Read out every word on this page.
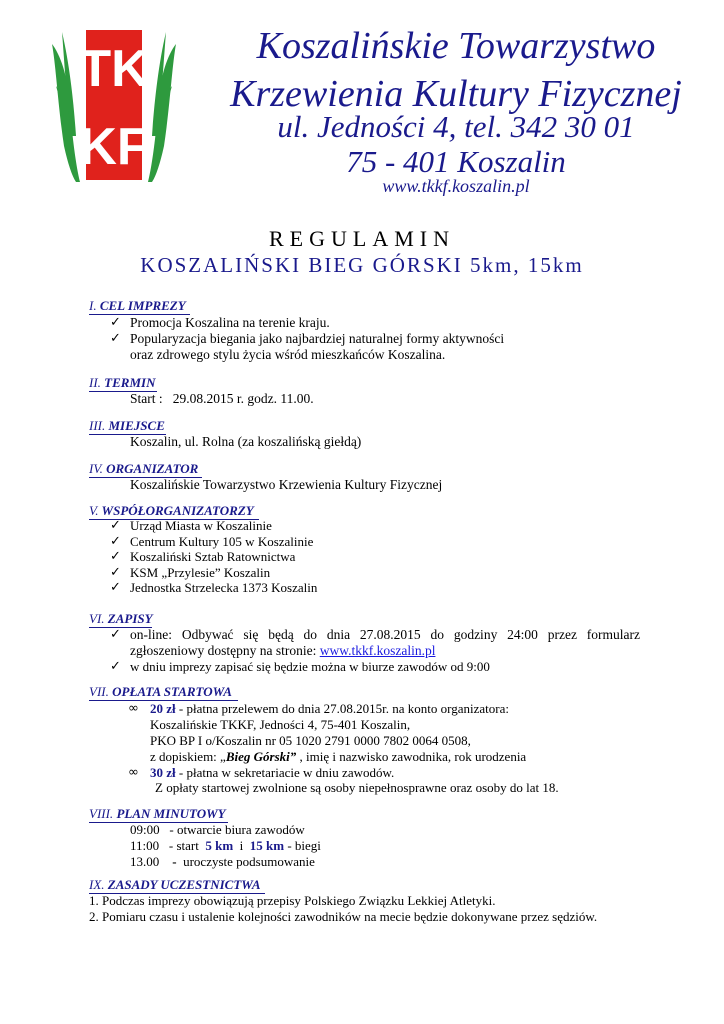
TK
KF
Koszalińskie Towarzystwo
Krzewienia Kultury Fizycznej
ul. Jedności 4, tel. 342 30 01
75 - 401 Koszalin
www.tkkf.koszalin.pl
REGULAMIN
KOSZALIŃSKI BIEG GÓRSKI 5km, 15km
I. CEL IMPREZY
✓ Promocja Koszalina na terenie kraju.
✓ Popularyzacja biegania jako najbardziej naturalnej formy aktywności
oraz zdrowego stylu życia wśród mieszkańców Koszalina.
II. TERMIN
Start :   29.08.2015 r. godz. 11.00.
III. MIEJSCE
Koszalin, ul. Rolna (za koszalińską giełdą)
IV. ORGANIZATOR
Koszalińskie Towarzystwo Krzewienia Kultury Fizycznej
V. WSPÓŁORGANIZATORZY
✓ Urząd Miasta w Koszalinie
✓ Centrum Kultury 105 w Koszalinie
✓ Koszaliński Sztab Ratownictwa
✓ KSM „Przylesie” Koszalin
✓ Jednostka Strzelecka 1373 Koszalin
VI. ZAPISY
✓ on-line: Odbywać się będą do dnia 27.08.2015 do godziny 24:00 przez formularz
zgłoszeniowy dostępny na stronie: www.tkkf.koszalin.pl
✓ w dniu imprezy zapisać się będzie można w biurze zawodów od 9:00
VII. OPŁATA STARTOWA
∞ 20 zł - płatna przelewem do dnia 27.08.2015r. na konto organizatora:
Koszalińskie TKKF, Jedności 4, 75-401 Koszalin,
PKO BP I o/Koszalin nr 05 1020 2791 0000 7802 0064 0508,
z dopiskiem: „Bieg Górski” , imię i nazwisko zawodnika, rok urodzenia
∞ 30 zł - płatna w sekretariacie w dniu zawodów.
Z opłaty startowej zwolnione są osoby niepełnosprawne oraz osoby do lat 18.
VIII. PLAN MINUTOWY
09:00   - otwarcie biura zawodów
11:00   - start 5 km i 15 km - biegi
13.00 - uroczyste podsumowanie
IX. ZASADY UCZESTNICTWA
1. Podczas imprezy obowiązują przepisy Polskiego Związku Lekkiej Atletyki.
2. Pomiaru czasu i ustalenie kolejności zawodników na mecie będzie dokonywane przez sędziów.
